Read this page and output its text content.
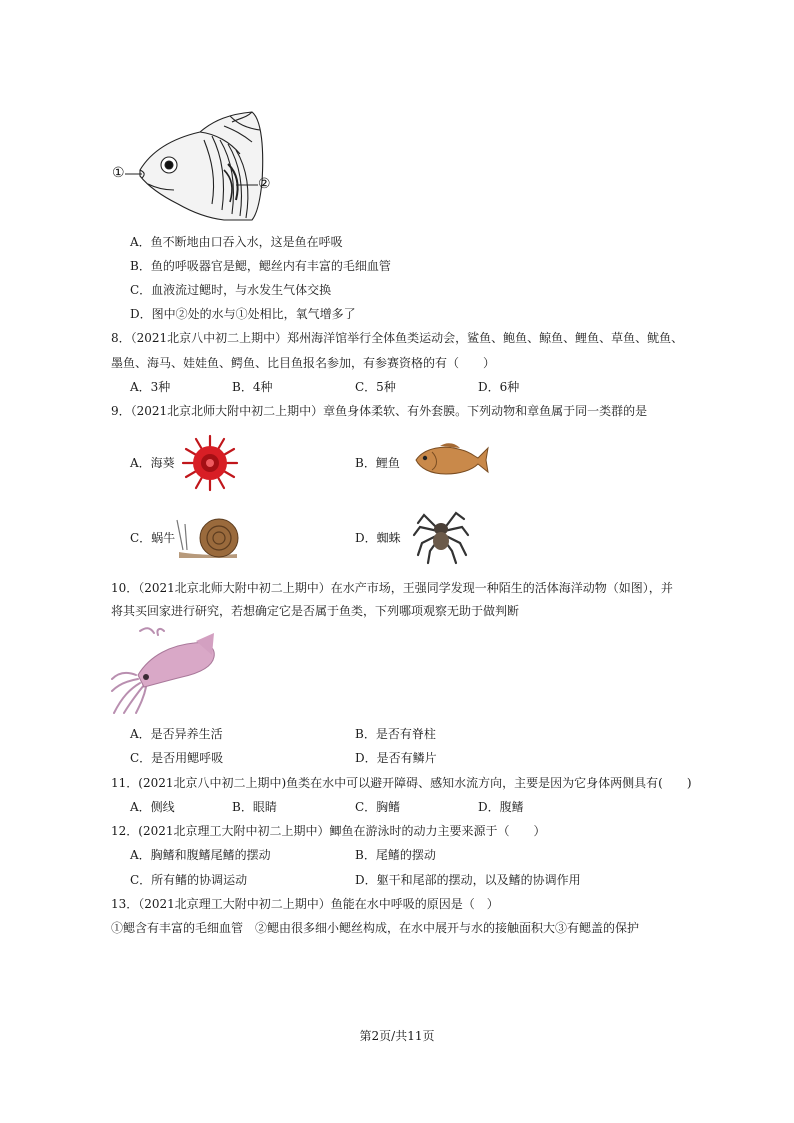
①
②
A．鱼不断地由口吞入水，这是鱼在呼吸
B．鱼的呼吸器官是鳃，鳃丝内有丰富的毛细血管
C．血液流过鳃时，与水发生气体交换
D．图中②处的水与①处相比，氧气增多了
8．（2021北京八中初二上期中）郑州海洋馆举行全体鱼类运动会，鲨鱼、鲍鱼、鲸鱼、鲤鱼、草鱼、鱿鱼、
墨鱼、海马、娃娃鱼、鳄鱼、比目鱼报名参加，有参赛资格的有（　　）
A．3种	B．4种	C．5种	D．6种
9．（2021北京北师大附中初二上期中）章鱼身体柔软、有外套膜。下列动物和章鱼属于同一类群的是
A．海葵	B．鲤鱼
C．蜗牛	D．蜘蛛
10．（2021北京北师大附中初二上期中）在水产市场，王强同学发现一种陌生的活体海洋动物（如图），并
将其买回家进行研究，若想确定它是否属于鱼类，下列哪项观察无助于做判断
A．是否异养生活	B．是否有脊柱
C．是否用鳃呼吸	D．是否有鳞片
11．(2021北京八中初二上期中)鱼类在水中可以避开障碍、感知水流方向，主要是因为它身体两侧具有(　　)
A．侧线	B．眼睛	C．胸鳍	D．腹鳍
12．(2021北京理工大附中初二上期中）鲫鱼在游泳时的动力主要来源于（　　）
A．胸鳍和腹鳍尾鳍的摆动	B．尾鳍的摆动
C．所有鳍的协调运动	D．躯干和尾部的摆动，以及鳍的协调作用
13．（2021北京理工大附中初二上期中）鱼能在水中呼吸的原因是（　）
①鳃含有丰富的毛细血管　②鳃由很多细小鳃丝构成，在水中展开与水的接触面积大③有鳃盖的保护
第2页/共11页
